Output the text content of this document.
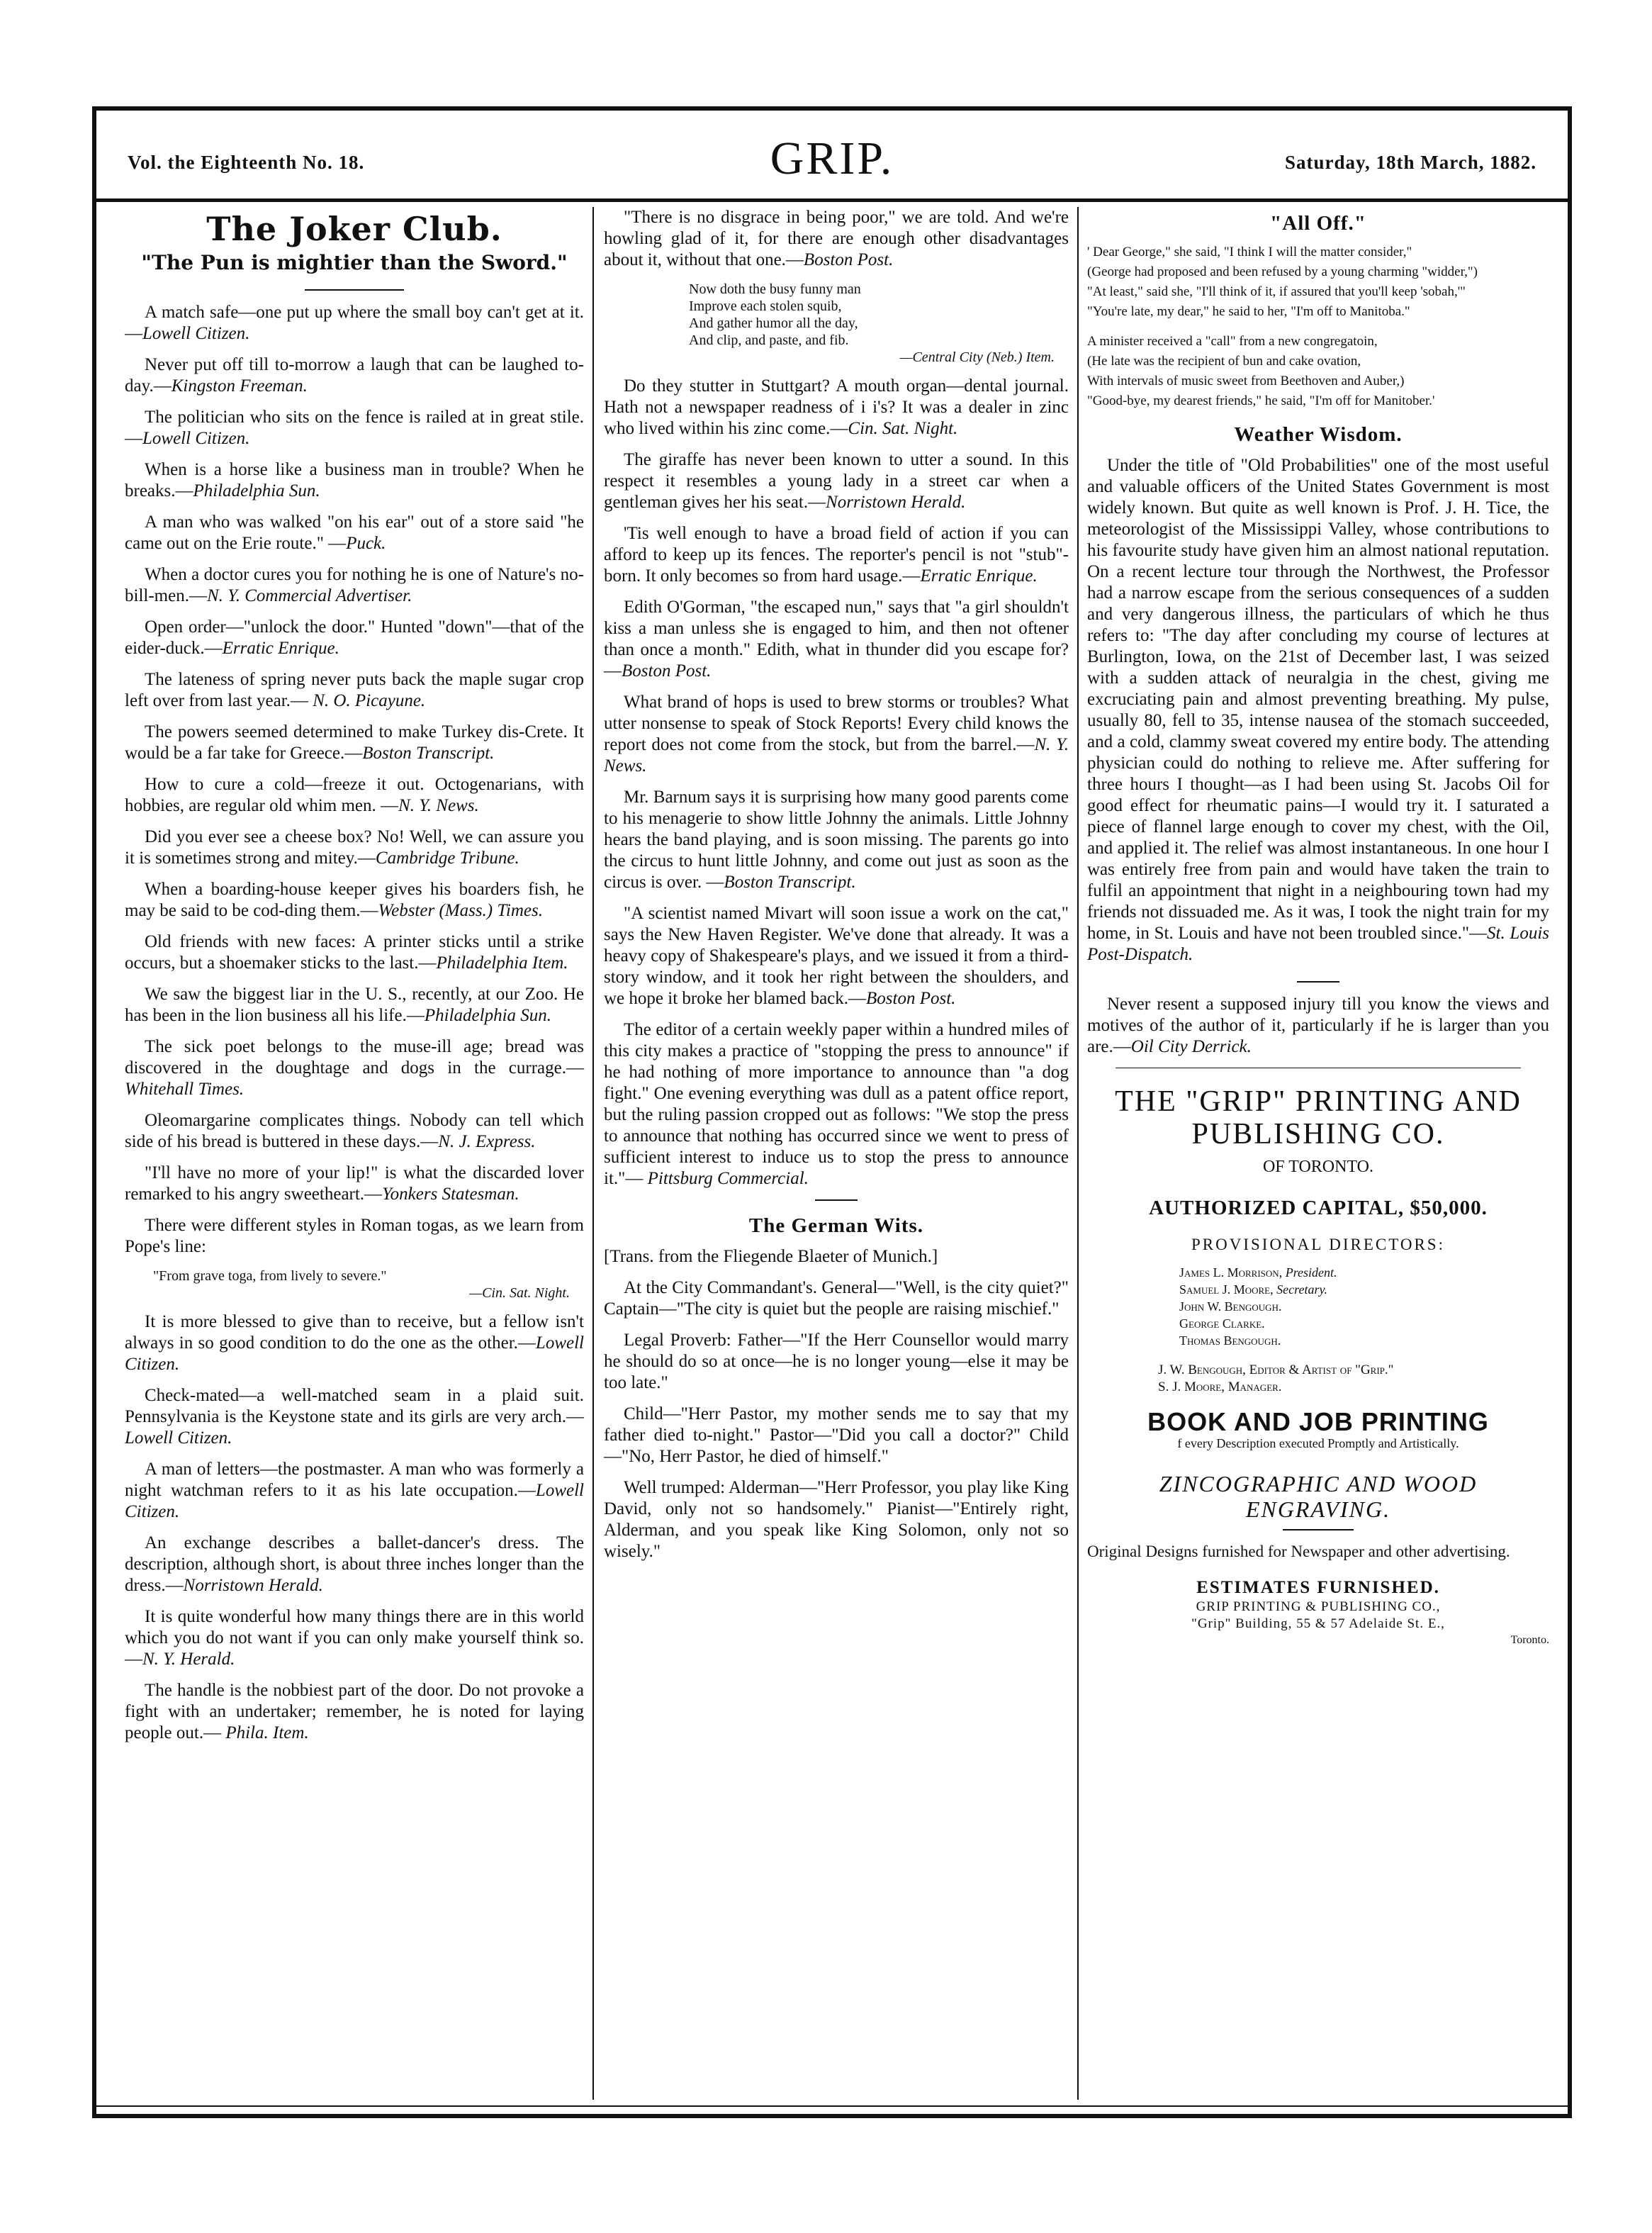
Vol. the Eighteenth No. 18.	GRIP.	Saturday, 18th March, 1882.
The Joker Club.
"The Pun is mightier than the Sword."

A match safe—one put up where the small boy can't get at it.—Lowell Citizen.

Never put off till to-morrow a laugh that can be laughed to-day.—Kingston Freeman.

The politician who sits on the fence is railed at in great stile.—Lowell Citizen.

When is a horse like a business man in trouble? When he breaks.—Philadelphia Sun.

A man who was walked "on his ear" out of a store said "he came out on the Erie route." —Puck.

When a doctor cures you for nothing he is one of Nature's no-bill-men.—N. Y. Commercial Advertiser.

Open order—"unlock the door." Hunted "down"—that of the eider-duck.—Erratic Enrique.

The lateness of spring never puts back the maple sugar crop left over from last year.— N. O. Picayune.

The powers seemed determined to make Turkey dis-Crete. It would be a far take for Greece.—Boston Transcript.

How to cure a cold—freeze it out. Octogenarians, with hobbies, are regular old whim men. —N. Y. News.

Did you ever see a cheese box? No! Well, we can assure you it is sometimes strong and mitey.—Cambridge Tribune.

When a boarding-house keeper gives his boarders fish, he may be said to be cod-ding them.—Webster (Mass.) Times.

Old friends with new faces: A printer sticks until a strike occurs, but a shoemaker sticks to the last.—Philadelphia Item.

We saw the biggest liar in the U. S., recently, at our Zoo. He has been in the lion business all his life.—Philadelphia Sun.

The sick poet belongs to the muse-ill age; bread was discovered in the doughtage and dogs in the currage.—Whitehall Times.

Oleomargarine complicates things. Nobody can tell which side of his bread is buttered in these days.—N. J. Express.

"I'll have no more of your lip!" is what the discarded lover remarked to his angry sweetheart.—Yonkers Statesman.

There were different styles in Roman togas, as we learn from Pope's line:

"From grave toga, from lively to severe."
—Cin. Sat. Night.

It is more blessed to give than to receive, but a fellow isn't always in so good condition to do the one as the other.—Lowell Citizen.

Check-mated—a well-matched seam in a plaid suit. Pennsylvania is the Keystone state and its girls are very arch.—Lowell Citizen.

A man of letters—the postmaster. A man who was formerly a night watchman refers to it as his late occupation.—Lowell Citizen.

An exchange describes a ballet-dancer's dress. The description, although short, is about three inches longer than the dress.—Norristown Herald.

It is quite wonderful how many things there are in this world which you do not want if you can only make yourself think so.—N. Y. Herald.

The handle is the nobbiest part of the door. Do not provoke a fight with an undertaker; remember, he is noted for laying people out.— Phila. Item.

"There is no disgrace in being poor," we are told. And we're howling glad of it, for there are enough other disadvantages about it, without that one.—Boston Post.

Now doth the busy funny man
Improve each stolen squib,
And gather humor all the day,
And clip, and paste, and fib.
—Central City (Neb.) Item.

Do they stutter in Stuttgart? A mouth organ—dental journal. Hath not a newspaper readness of i i's? It was a dealer in zinc who lived within his zinc come.—Cin. Sat. Night.

The giraffe has never been known to utter a sound. In this respect it resembles a young lady in a street car when a gentleman gives her his seat.—Norristown Herald.

'Tis well enough to have a broad field of action if you can afford to keep up its fences. The reporter's pencil is not "stub"-born. It only becomes so from hard usage.—Erratic Enrique.

Edith O'Gorman, "the escaped nun," says that "a girl shouldn't kiss a man unless she is engaged to him, and then not oftener than once a month." Edith, what in thunder did you escape for?—Boston Post.

What brand of hops is used to brew storms or troubles? What utter nonsense to speak of Stock Reports! Every child knows the report does not come from the stock, but from the barrel.—N. Y. News.

Mr. Barnum says it is surprising how many good parents come to his menagerie to show little Johnny the animals. Little Johnny hears the band playing, and is soon missing. The parents go into the circus to hunt little Johnny, and come out just as soon as the circus is over. —Boston Transcript.

"A scientist named Mivart will soon issue a work on the cat," says the New Haven Register. We've done that already. It was a heavy copy of Shakespeare's plays, and we issued it from a third-story window, and it took her right between the shoulders, and we hope it broke her blamed back.—Boston Post.

The editor of a certain weekly paper within a hundred miles of this city makes a practice of "stopping the press to announce" if he had nothing of more importance to announce than "a dog fight." One evening everything was dull as a patent office report, but the ruling passion cropped out as follows: "We stop the press to announce that nothing has occurred since we went to press of sufficient interest to induce us to stop the press to announce it."— Pittsburg Commercial.

The German Wits.

[Trans. from the Fliegende Blaeter of Munich.]

At the City Commandant's. General—"Well, is the city quiet?" Captain—"The city is quiet but the people are raising mischief."

Legal Proverb: Father—"If the Herr Counsellor would marry he should do so at once—he is no longer young—else it may be too late."

Child—"Herr Pastor, my mother sends me to say that my father died to-night." Pastor—"Did you call a doctor?" Child—"No, Herr Pastor, he died of himself."

Well trumped: Alderman—"Herr Professor, you play like King David, only not so handsomely." Pianist—"Entirely right, Alderman, and you speak like King Solomon, only not so wisely."

"All Off."
' Dear George," she said, "I think I will the matter consider,"
(George had proposed and been refused by a young charming "widder,")
"At least," said she, "I'll think of it, if assured that you'll keep 'sobah,'"
"You're late, my dear," he said to her, "I'm off to Manitoba."
A minister received a "call" from a new congregatoin,
(He late was the recipient of bun and cake ovation,
With intervals of music sweet from Beethoven and Auber,)
"Good-bye, my dearest friends," he said, "I'm off for Manitober.'
Weather Wisdom.

Under the title of "Old Probabilities" one of the most useful and valuable officers of the United States Government is most widely known. But quite as well known is Prof. J. H. Tice, the meteorologist of the Mississippi Valley, whose contributions to his favourite study have given him an almost national reputation. On a recent lecture tour through the Northwest, the Professor had a narrow escape from the serious consequences of a sudden and very dangerous illness, the particulars of which he thus refers to: "The day after concluding my course of lectures at Burlington, Iowa, on the 21st of December last, I was seized with a sudden attack of neuralgia in the chest, giving me excruciating pain and almost preventing breathing. My pulse, usually 80, fell to 35, intense nausea of the stomach succeeded, and a cold, clammy sweat covered my entire body. The attending physician could do nothing to relieve me. After suffering for three hours I thought—as I had been using St. Jacobs Oil for good effect for rheumatic pains—I would try it. I saturated a piece of flannel large enough to cover my chest, with the Oil, and applied it. The relief was almost instantaneous. In one hour I was entirely free from pain and would have taken the train to fulfil an appointment that night in a neighbouring town had my friends not dissuaded me. As it was, I took the night train for my home, in St. Louis and have not been troubled since."—St. Louis Post-Dispatch.

Never resent a supposed injury till you know the views and motives of the author of it, particularly if he is larger than you are.—Oil City Derrick.

THE "GRIP" PRINTING AND PUBLISHING CO.
OF TORONTO.
AUTHORIZED CAPITAL, $50,000.
PROVISIONAL DIRECTORS:
James L. Morrison, President.
Samuel J. Moore, Secretary.
John W. Bengough.
George Clarke.
Thomas Bengough.
J. W. Bengough, Editor & Artist of "Grip."
S. J. Moore, Manager.
BOOK AND JOB PRINTING
f every Description executed Promptly and Artistically.
ZINCOGRAPHIC AND WOOD ENGRAVING.
Original Designs furnished for Newspaper and other advertising.
ESTIMATES FURNISHED.
GRIP PRINTING & PUBLISHING CO.,
"Grip" Building, 55 & 57 Adelaide St. E.,
Toronto.
